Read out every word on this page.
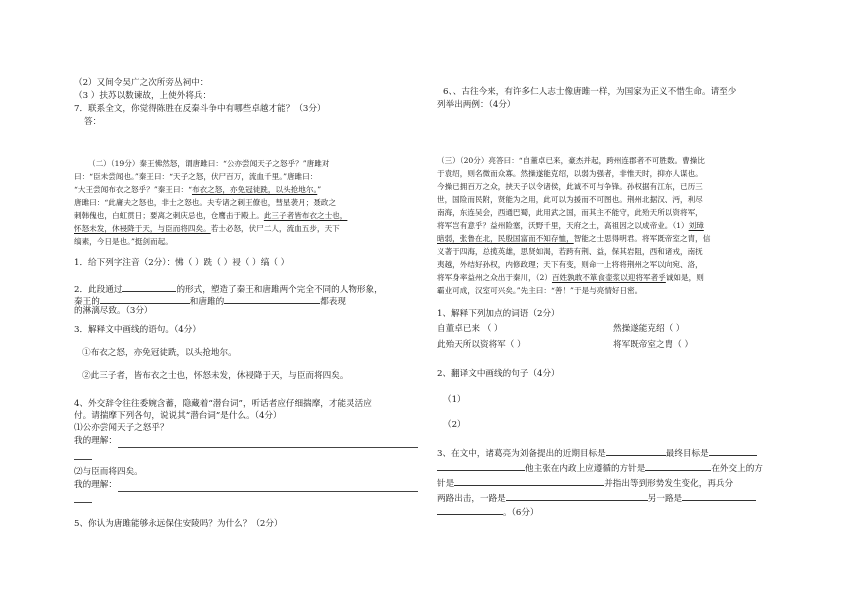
（2）又间令吴广之次所旁丛祠中：
（3 ）扶苏以数谏故，上使外将兵：
7．联系全文，你觉得陈胜在反秦斗争中有哪些卓越才能？（3分）
答：
（二）（19分）秦王怫然怒，谓唐雎曰：“公亦尝闻天子之怒乎？”唐雎对
曰：“臣未尝闻也。”秦王曰：“天子之怒，伏尸百万，流血千里。”唐雎曰：
“大王尝闻布衣之怒乎？”秦王曰：“布衣之怒，亦免冠徒跣，以头抢地尔。”
唐雎曰：“此庸夫之怒也，非士之怒也。夫专诸之刺王僚也，彗星袭月；聂政之
刺韩傀也，白虹贯日；要离之刺庆忌也，仓鹰击于殿上。此三子者皆布衣之士也，
怀怒未发，休祲降于天，与臣而将四矣。若士必怒，伏尸二人，流血五步，天下
缟素，今日是也。”挺剑而起。
1．给下列字注音（2分）：怫（ ）跣（ ）祲（ ）缟（ ）
2．此段通过	的形式，塑造了秦王和唐雎两个完全不同的人物形象，
秦王的	和唐雎的	都表现
的淋漓尽致。（3分）
3．解释文中画线的语句。（4分）
①布衣之怒，亦免冠徒跣，以头抢地尔。
②此三子者，皆布衣之士也，怀怒未发，休祲降于天，与臣而将四矣。
4、外交辞令往往委婉含蓄，隐藏着“潜台词”，听话者应仔细揣摩，才能灵活应
付。请揣摩下列各句，说说其“潜台词”是什么。（4分）
⑴公亦尝闻天子之怒乎？
我的理解：
⑵与臣而将四矣。
我的理解：
5、你认为唐雎能够永远保住安陵吗？为什么？（2分）
6、、古往今来，有许多仁人志士像唐雎一样，为国家为正义不惜生命。请至少
列举出两例：（4分）
（三）（20分）亮答曰：“自董卓已来，豪杰并起，跨州连郡者不可胜数。曹操比
于袁绍，则名微而众寡。然操遂能克绍，以弱为强者，非惟天时，抑亦人谋也。
今操已拥百万之众，挟天子以令诸侯，此诚不可与争锋。孙权据有江东，已历三
世，国险而民附，贤能为之用，此可以为援而不可图也。荆州北据汉、沔，利尽
南海，东连吴会，西通巴蜀，此用武之国，而其主不能守，此殆天所以资将军，
将军岂有意乎？益州险塞，沃野千里，天府之土，高祖因之以成帝业。（1）刘璋
暗弱，张鲁在北，民殷国富而不知存恤，智能之士思得明君。将军既帝室之胄，信
义著于四海，总揽英雄，思贤如渴，若跨有荆、益，保其岩阻，西和诸戎，南抚
夷越，外结好孙权，内修政理；天下有变，则命一上将将荆州之军以向宛、洛，
将军身率益州之众出于秦川，（2）百姓孰敢不箪食壶浆以迎将军者乎诚如是，则
霸业可成，汉室可兴矣。”先主曰：“善！”于是与亮情好日密。
1、解释下列加点的词语（2分）
自董卓已来 （ ）	然操遂能克绍（ ）
此殆天所以资将军（ ）	将军既帝室之胄（ ）
2、翻译文中画线的句子（4分）
（1）
（2）
3、在文中，诸葛亮为刘备提出的近期目标是	最终目标是
他主张在内政上应遵循的方针是	在外交上的方
针是	并指出等到形势发生变化，再兵分
两路出击，一路是	另一路是
。（6分）
